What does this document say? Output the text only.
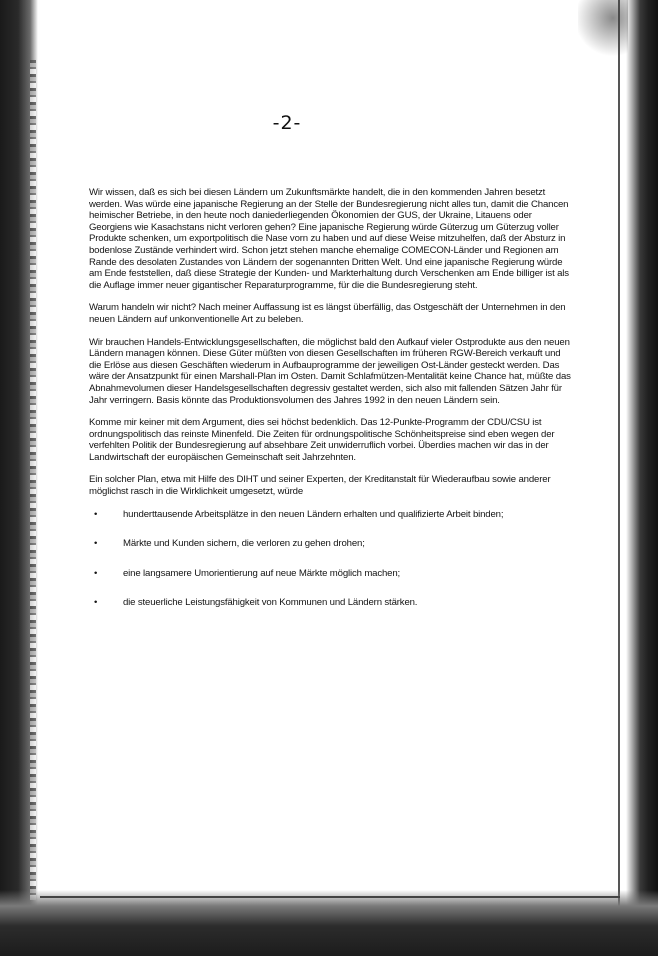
-2-

Wir wissen, daß es sich bei diesen Ländern um Zukunftsmärkte handelt, die in den kommenden Jahren besetzt werden. Was würde eine japanische Regierung an der Stelle der Bundesregierung nicht alles tun, damit die Chancen heimischer Betriebe, in den heute noch daniederliegenden Ökonomien der GUS, der Ukraine, Litauens oder Georgiens wie Kasachstans nicht verloren gehen? Eine japanische Regierung würde Güterzug um Güterzug voller Produkte schenken, um exportpolitisch die Nase vorn zu haben und auf diese Weise mitzuhelfen, daß der Absturz in bodenlose Zustände verhindert wird. Schon jetzt stehen manche ehemalige COMECON-Länder und Regionen am Rande des desolaten Zustandes von Ländern der sogenannten Dritten Welt. Und eine japanische Regierung würde am Ende feststellen, daß diese Strategie der Kunden- und Markterhaltung durch Verschenken am Ende billiger ist als die Auflage immer neuer gigantischer Reparaturprogramme, für die die Bundesregierung steht.

Warum handeln wir nicht? Nach meiner Auffassung ist es längst überfällig, das Ostgeschäft der Unternehmen in den neuen Ländern auf unkonventionelle Art zu beleben.

Wir brauchen Handels-Entwicklungsgesellschaften, die möglichst bald den Aufkauf vieler Ostprodukte aus den neuen Ländern managen können. Diese Güter müßten von diesen Gesellschaften im früheren RGW-Bereich verkauft und die Erlöse aus diesen Geschäften wiederum in Aufbauprogramme der jeweiligen Ost-Länder gesteckt werden. Das wäre der Ansatzpunkt für einen Marshall-Plan im Osten. Damit Schlafmützen-Mentalität keine Chance hat, müßte das Abnahmevolumen dieser Handelsgesellschaften degressiv gestaltet werden, sich also mit fallenden Sätzen Jahr für Jahr verringern. Basis könnte das Produktionsvolumen des Jahres 1992 in den neuen Ländern sein.

Komme mir keiner mit dem Argument, dies sei höchst bedenklich. Das 12-Punkte-Programm der CDU/CSU ist ordnungspolitisch das reinste Minenfeld. Die Zeiten für ordnungspolitische Schönheitspreise sind eben wegen der verfehlten Politik der Bundesregierung auf absehbare Zeit unwiderruflich vorbei. Überdies machen wir das in der Landwirtschaft der europäischen Gemeinschaft seit Jahrzehnten.

Ein solcher Plan, etwa mit Hilfe des DIHT und seiner Experten, der Kreditanstalt für Wiederaufbau sowie anderer möglichst rasch in die Wirklichkeit umgesetzt, würde

•	hunderttausende Arbeitsplätze in den neuen Ländern erhalten und qualifizierte Arbeit binden;
•	Märkte und Kunden sichern, die verloren zu gehen drohen;
•	eine langsamere Umorientierung auf neue Märkte möglich machen;
•	die steuerliche Leistungsfähigkeit von Kommunen und Ländern stärken.
